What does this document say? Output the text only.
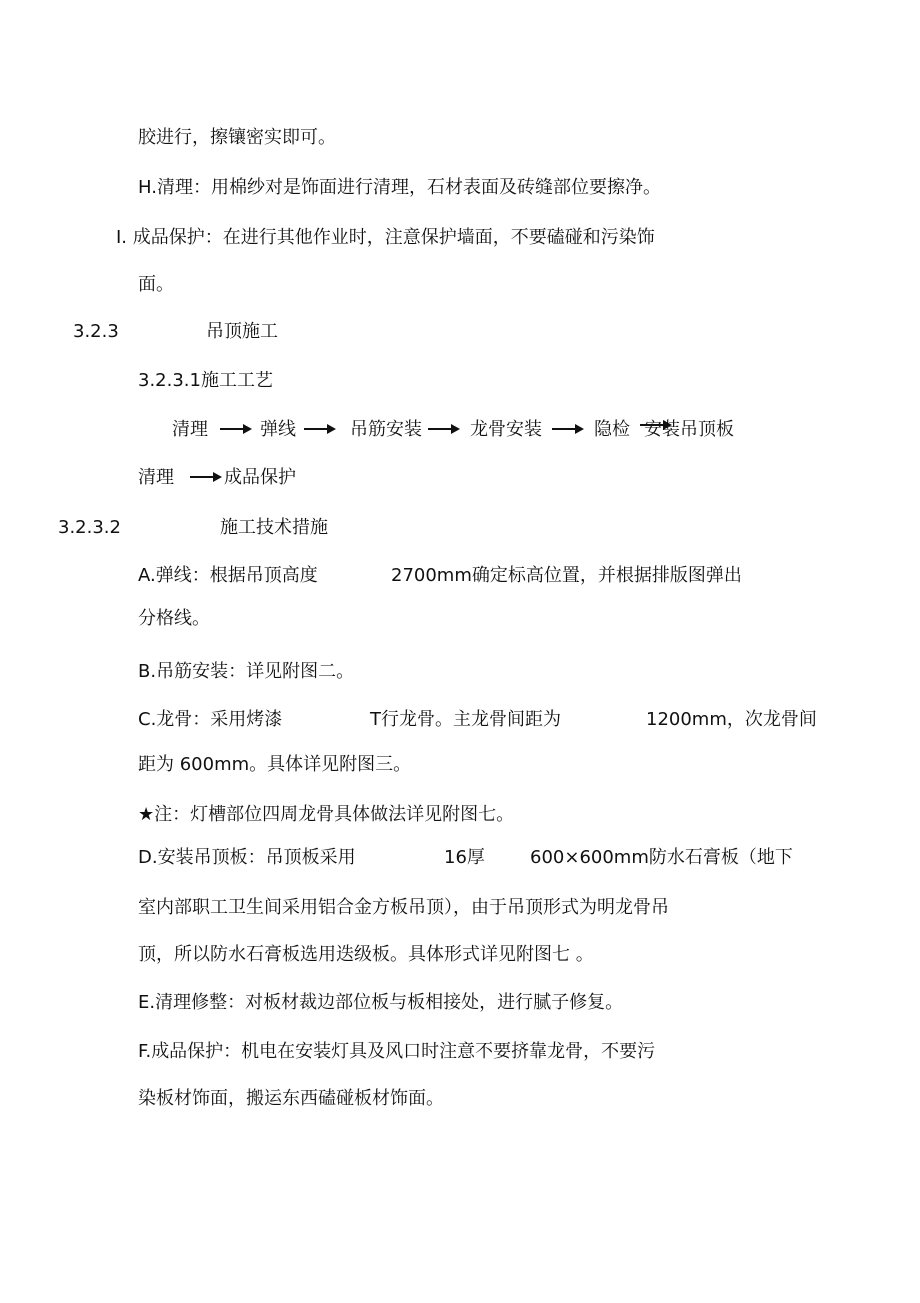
胶进行，擦镶密实即可。
H.清理：用棉纱对是饰面进行清理，石材表面及砖缝部位要擦净。
I. 成品保护：在进行其他作业时，注意保护墙面，不要磕碰和污染饰
面。
3.2.3	吊顶施工
3.2.3.1施工工艺
清理	弹线	吊筋安装	龙骨安装	隐检 安装吊顶板
清理	成品保护
3.2.3.2	施工技术措施
A.弹线：根据吊顶高度	2700mm确定标高位置，并根据排版图弹出
分格线。
B.吊筋安装：详见附图二。
C.龙骨：采用烤漆	T行龙骨。主龙骨间距为	1200mm，次龙骨间
距为 600mm。具体详见附图三。
★注：灯槽部位四周龙骨具体做法详见附图七。
D.安装吊顶板：吊顶板采用	16厚	600×600mm防水石膏板（地下
室内部职工卫生间采用铝合金方板吊顶），由于吊顶形式为明龙骨吊
顶，所以防水石膏板选用迭级板。具体形式详见附图七 。
E.清理修整：对板材裁边部位板与板相接处，进行腻子修复。
F.成品保护：机电在安装灯具及风口时注意不要挤靠龙骨，不要污
染板材饰面，搬运东西磕碰板材饰面。
